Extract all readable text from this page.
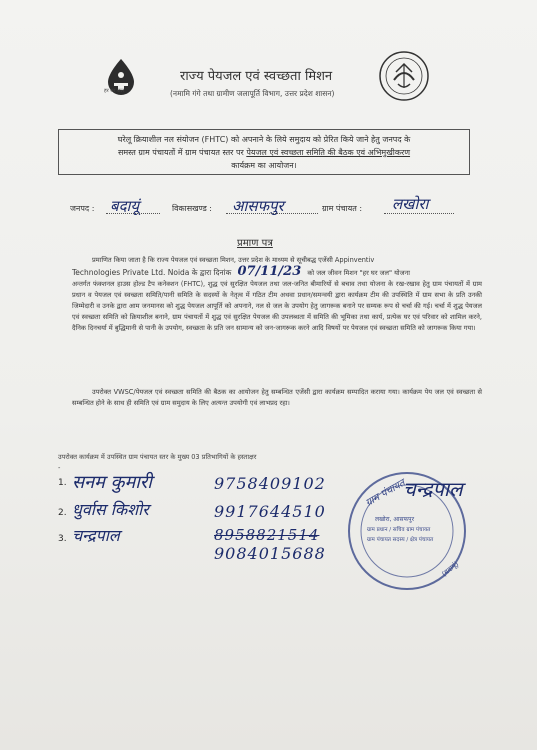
हर घर जल
राज्य पेयजल एवं स्वच्छता मिशन
(नमामि गंगे तथा ग्रामीण जलापूर्ति विभाग, उत्तर प्रदेश शासन)
घरेलू क्रियाशील नल संयोजन (FHTC) को अपनाने के लिये समुदाय को प्रेरित किये जाने हेतु जनपद के
समस्त ग्राम पंचायतों में ग्राम पंचायत स्तर पर पेयजल एवं स्वच्छता समिति की बैठक एवं अभिमुखीकरण
कार्यक्रम का आयोजन।
जनपद : बदायूं	विकासखण्ड : आसफपुर	ग्राम पंचायत : लखोरा
प्रमाण पत्र
प्रमाणित किया जाता है कि राज्य पेयजल एवं स्वच्छता मिशन, उत्तर प्रदेश के माध्यम से सूचीबद्ध एजेंसी Appinventiv
Technologies Private Ltd. Noida के द्वारा दिनांक 07/11/23 को जल जीवन मिशन "हर घर जल" योजना
अन्तर्गत फंक्शनल हाउस होल्ड टैप कनेक्शन (FHTC), शुद्ध एवं सुरक्षित पेयजल तथा जल-जनित बीमारियों से बचाव तथा योजना के रख-रखाव हेतु ग्राम पंचायतों में ग्राम प्रधान व पेयजल एवं स्वच्छता समिति/पानी समिति के सदस्यों के नेतृत्व में गठित टीम अथवा प्रधान/समन्वयी द्वारा कार्यक्रम टीम की उपस्थिति में ग्राम सभा के प्रति उनकी जिम्मेदारी व उनके द्वारा आम जनमानस को शुद्ध पेयजल आपूर्ति को अपनाने, नल से जल के उपयोग हेतु जागरूक बनाने पर सम्यक रूप से चर्चा की गई। चर्चा में शुद्ध पेयजल एवं स्वच्छता समिति को क्रियाशील बनाने, ग्राम पंचायतों में शुद्ध एवं सुरक्षित पेयजल की उपलब्धता में समिति की भूमिका तथा कार्य, प्रत्येक घर एवं परिवार को शामिल करने, दैनिक दिनचर्या में बुद्धिमानी से पानी के उपयोग, स्वच्छता के प्रति जन सामान्य को जन-जागरूक करने आदि विषयों पर पेयजल एवं स्वच्छता समिति को जागरूक किया गया।
उपरोक्त VWSC/पेयजल एवं स्वच्छता समिति की बैठक का आयोजन हेतु सम्बन्धित एजेंसी द्वारा कार्यक्रम सम्पादित कराया गया। कार्यक्रम पेय जल एवं स्वच्छता से सम्बन्धित होने के साथ ही समिति एवं ग्राम समुदाय के लिए अत्यन्त उपयोगी एवं लाभप्रद रहा।
उपरोक्त कार्यक्रम में उपस्थित ग्राम पंचायत स्तर के मुख्य 03 प्रतिभागियों के हस्ताक्षर -
1. सनम कुमारी	9758409102
2. धुर्वास किशोर	9917644510
3. चन्द्रपाल	8958821514
9084015688
ग्राम पंचायत
चन्द्रपाल
लखोरा, आसफपुर
ग्राम प्रधान / सचिव ग्राम पंचायत
ग्राम पंचायत सदस्य / क्षेत्र पंचायत
(बदायूं)
